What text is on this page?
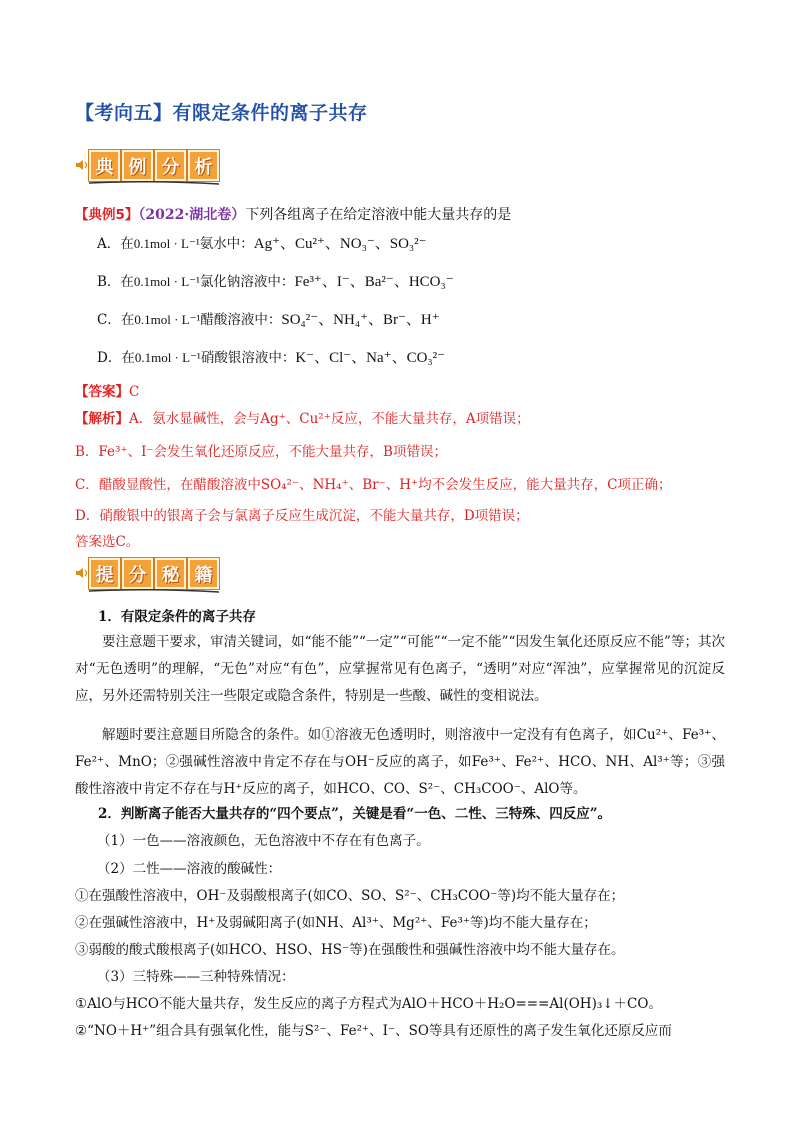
【考向五】有限定条件的离子共存
典 例 分 析
【典例5】（2022·湖北卷）下列各组离子在给定溶液中能大量共存的是
A．在0.1mol · L⁻¹氨水中：Ag⁺、Cu²⁺、NO₃⁻、SO₃²⁻
B．在0.1mol · L⁻¹氯化钠溶液中：Fe³⁺、I⁻、Ba²⁻、HCO₃⁻
C．在0.1mol · L⁻¹醋酸溶液中：SO₄²⁻、NH₄⁺、Br⁻、H⁺
D．在0.1mol · L⁻¹硝酸银溶液中：K⁻、Cl⁻、Na⁺、CO₃²⁻
【答案】C
【解析】A．氨水显碱性，会与Ag⁺、Cu²⁺反应，不能大量共存，A项错误；
B．Fe³⁺、I⁻会发生氧化还原反应，不能大量共存，B项错误；
C．醋酸显酸性，在醋酸溶液中SO₄²⁻、NH₄⁺、Br⁻、H⁺均不会发生反应，能大量共存，C项正确；
D．硝酸银中的银离子会与氯离子反应生成沉淀，不能大量共存，D项错误；
答案选C。
提 分 秘 籍
1．有限定条件的离子共存
要注意题干要求，审清关键词，如“能不能”“一定”“可能”“一定不能”“因发生氧化还原反应不能”等；其次对“无色透明”的理解，“无色”对应“有色”，应掌握常见有色离子，“透明”对应“浑浊”，应掌握常见的沉淀反应，另外还需特别关注一些限定或隐含条件，特别是一些酸、碱性的变相说法。
解题时要注意题目所隐含的条件。如①溶液无色透明时，则溶液中一定没有有色离子，如Cu²⁺、Fe³⁺、Fe²⁺、MnO；②强碱性溶液中肯定不存在与OH⁻反应的离子，如Fe³⁺、Fe²⁺、HCO、NH、Al³⁺等；③强酸性溶液中肯定不存在与H⁺反应的离子，如HCO、CO、S²⁻、CH₃COO⁻、AlO等。
2．判断离子能否大量共存的“四个要点”，关键是看“一色、二性、三特殊、四反应”。
（1）一色——溶液颜色，无色溶液中不存在有色离子。
（2）二性——溶液的酸碱性：
①在强酸性溶液中，OH⁻及弱酸根离子(如CO、SO、S²⁻、CH₃COO⁻等)均不能大量存在；
②在强碱性溶液中，H⁺及弱碱阳离子(如NH、Al³⁺、Mg²⁺、Fe³⁺等)均不能大量存在；
③弱酸的酸式酸根离子(如HCO、HSO、HS⁻等)在强酸性和强碱性溶液中均不能大量存在。
（3）三特殊——三种特殊情况：
①AlO与HCO不能大量共存，发生反应的离子方程式为AlO＋HCO＋H₂O===Al(OH)₃↓＋CO。
②“NO＋H⁺”组合具有强氧化性，能与S²⁻、Fe²⁺、I⁻、SO等具有还原性的离子发生氧化还原反应而
